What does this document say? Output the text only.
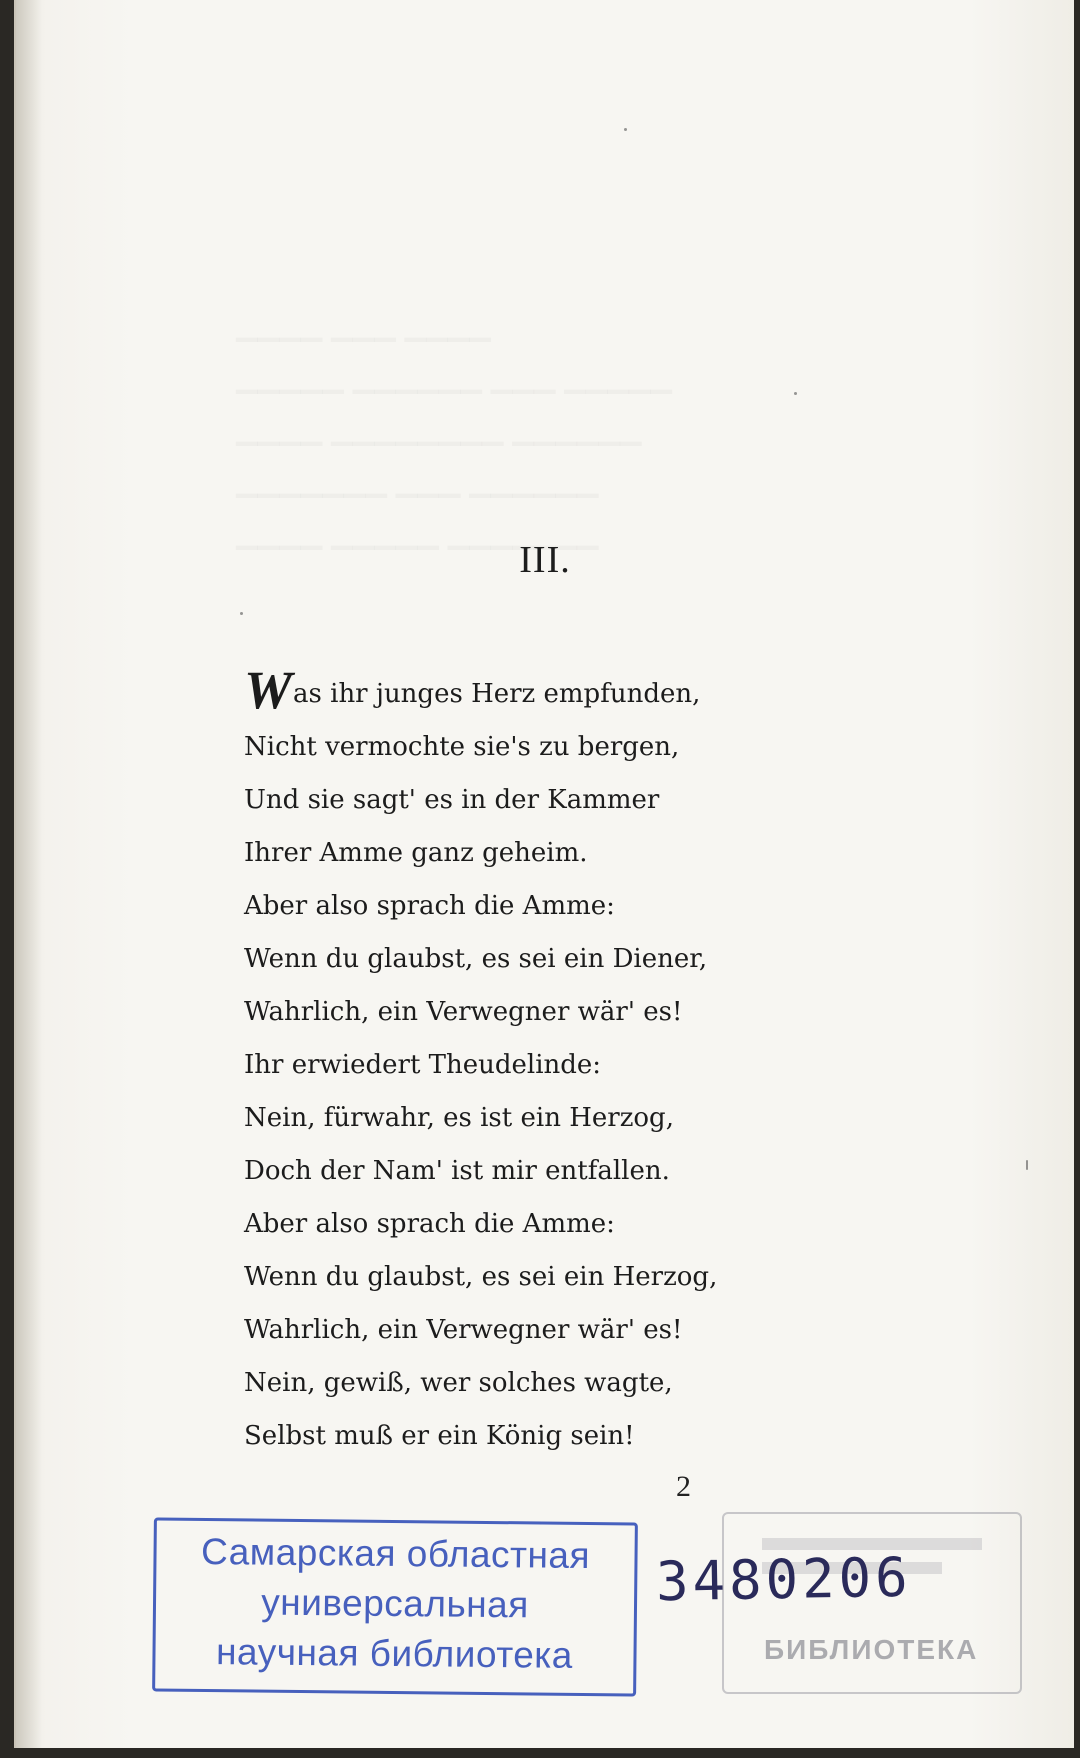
▁▁▁▁ ▁▁▁ ▁▁▁▁
▁▁▁▁▁ ▁▁▁▁▁▁ ▁▁▁ ▁▁▁▁▁
▁▁▁▁ ▁▁▁▁▁▁▁▁ ▁▁▁▁▁▁
▁▁▁▁▁▁▁ ▁▁▁ ▁▁▁▁▁▁
▁▁▁▁ ▁▁▁▁▁ ▁▁▁▁▁▁▁
III.
Was ihr junges Herz empfunden,
Nicht vermochte sie's zu bergen,
Und sie sagt' es in der Kammer
Ihrer Amme ganz geheim.
Aber also sprach die Amme:
Wenn du glaubst, es sei ein Diener,
Wahrlich, ein Verwegner wär' es!
Ihr erwiedert Theudelinde:
Nein, fürwahr, es ist ein Herzog,
Doch der Nam' ist mir entfallen.
Aber also sprach die Amme:
Wenn du glaubst, es sei ein Herzog,
Wahrlich, ein Verwegner wär' es!
Nein, gewiß, wer solches wagte,
Selbst muß er ein König sein!
2
Самарская областная
универсальная
научная библиотека	БИБЛИОТЕКА
3480206
